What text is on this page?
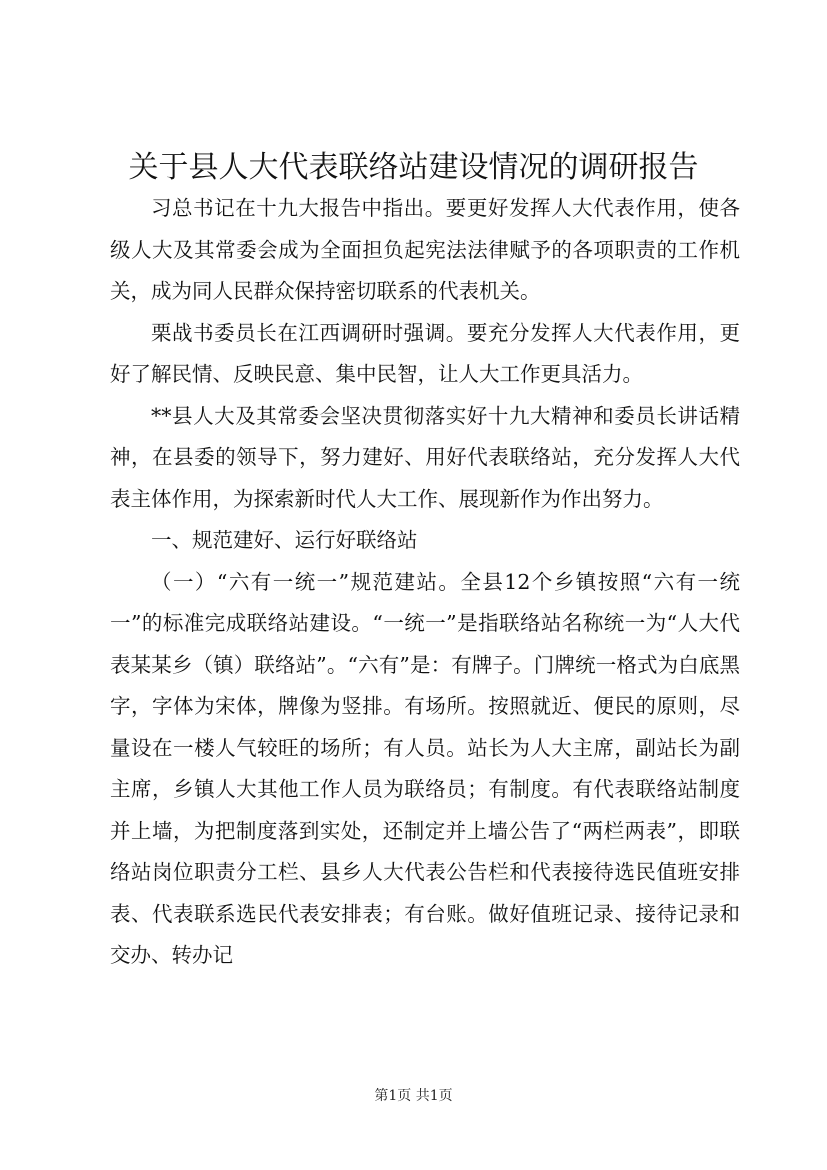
关于县人大代表联络站建设情况的调研报告

习总书记在十九大报告中指出。要更好发挥人大代表作用，使各级人大及其常委会成为全面担负起宪法法律赋予的各项职责的工作机关，成为同人民群众保持密切联系的代表机关。

栗战书委员长在江西调研时强调。要充分发挥人大代表作用，更好了解民情、反映民意、集中民智，让人大工作更具活力。

**县人大及其常委会坚决贯彻落实好十九大精神和委员长讲话精神，在县委的领导下，努力建好、用好代表联络站，充分发挥人大代表主体作用，为探索新时代人大工作、展现新作为作出努力。

一、规范建好、运行好联络站

（一）“六有一统一”规范建站。全县12个乡镇按照“六有一统一”的标准完成联络站建设。“一统一”是指联络站名称统一为“人大代表某某乡（镇）联络站”。“六有”是：有牌子。门牌统一格式为白底黑字，字体为宋体，牌像为竖排。有场所。按照就近、便民的原则，尽量设在一楼人气较旺的场所；有人员。站长为人大主席，副站长为副主席，乡镇人大其他工作人员为联络员；有制度。有代表联络站制度并上墙，为把制度落到实处，还制定并上墙公告了“两栏两表”，即联络站岗位职责分工栏、县乡人大代表公告栏和代表接待选民值班安排表、代表联系选民代表安排表；有台账。做好值班记录、接待记录和交办、转办记

第1页 共1页
